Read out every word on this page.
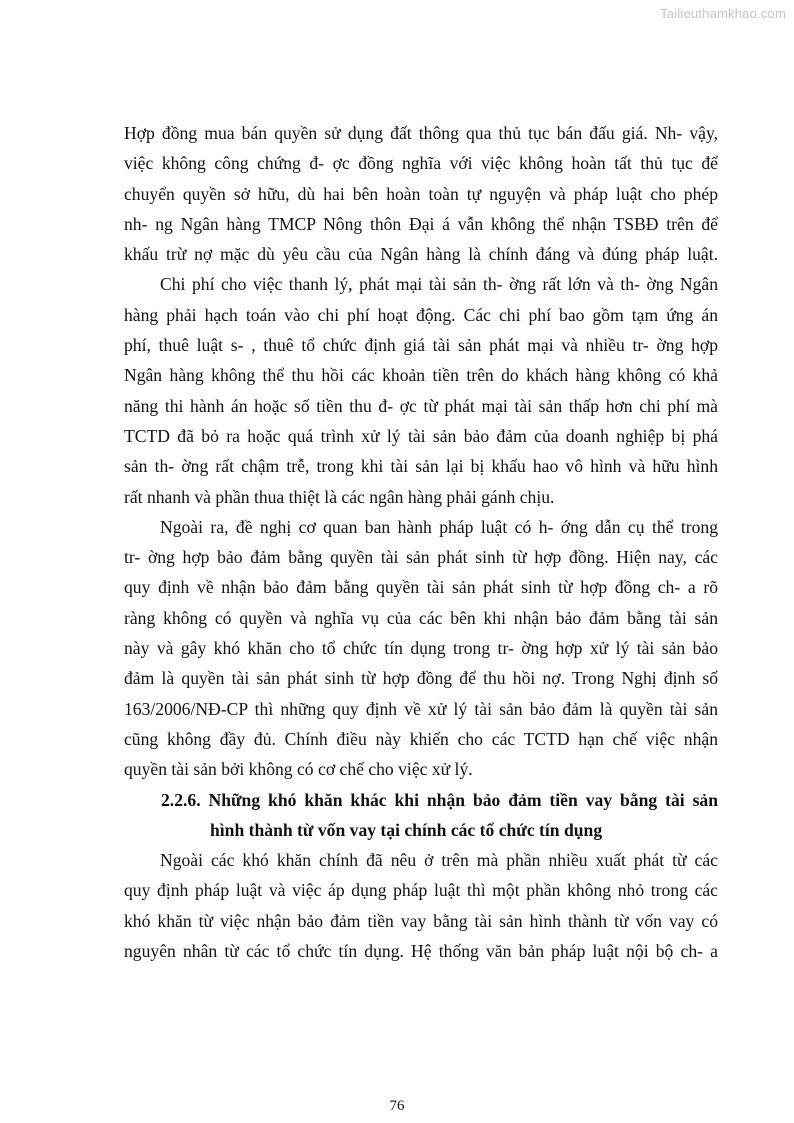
Tailieuthamkhao.com
Hợp đồng mua bán quyền sử dụng đất thông qua thủ tục bán đấu giá. Nh- vậy,
việc không công chứng đ- ợc đồng nghĩa với việc không hoàn tất thủ tục để
chuyển quyền sở hữu, dù hai bên hoàn toàn tự nguyện và pháp luật cho phép
nh- ng Ngân hàng TMCP Nông thôn Đại á vẫn không thể nhận TSBĐ trên để
khấu trừ nợ mặc dù yêu cầu của Ngân hàng là chính đáng và đúng pháp luật.
Chi phí cho việc thanh lý, phát mại tài sản th- ờng rất lớn và th- ờng Ngân
hàng phải hạch toán vào chi phí hoạt động. Các chi phí bao gồm tạm ứng án
phí, thuê luật s- , thuê tổ chức định giá tài sản phát mại và nhiều tr- ờng hợp
Ngân hàng không thể thu hồi các khoản tiền trên do khách hàng không có khả
năng thi hành án hoặc số tiền thu đ- ợc từ phát mại tài sản thấp hơn chi phí mà
TCTD đã bỏ ra hoặc quá trình xử lý tài sản bảo đảm của doanh nghiệp bị phá
sản th- ờng rất chậm trễ, trong khi tài sản lại bị khấu hao vô hình và hữu hình
rất nhanh và phần thua thiệt là các ngân hàng phải gánh chịu.
Ngoài ra, đề nghị cơ quan ban hành pháp luật có h- ớng dẫn cụ thể trong
tr- ờng hợp bảo đảm bằng quyền tài sản phát sinh từ hợp đồng. Hiện nay, các
quy định về nhận bảo đảm bằng quyền tài sản phát sinh từ hợp đồng ch- a rõ
ràng không có quyền và nghĩa vụ của các bên khi nhận bảo đảm bằng tài sản
này và gây khó khăn cho tổ chức tín dụng trong tr- ờng hợp xử lý tài sản bảo
đảm là quyền tài sản phát sinh từ hợp đồng để thu hồi nợ. Trong Nghị định số
163/2006/NĐ-CP thì những quy định về xử lý tài sản bảo đảm là quyền tài sản
cũng không đầy đủ. Chính điều này khiến cho các TCTD hạn chế việc nhận
quyền tài sản bởi không có cơ chế cho việc xử lý.
2.2.6. Những khó khăn khác khi nhận bảo đảm tiền vay bằng tài sản
hình thành từ vốn vay tại chính các tổ chức tín dụng
Ngoài các khó khăn chính đã nêu ở trên mà phần nhiều xuất phát từ các
quy định pháp luật và việc áp dụng pháp luật thì một phần không nhỏ trong các
khó khăn từ việc nhận bảo đảm tiền vay bằng tài sản hình thành từ vốn vay có
nguyên nhân từ các tổ chức tín dụng. Hệ thống văn bản pháp luật nội bộ ch- a
76
